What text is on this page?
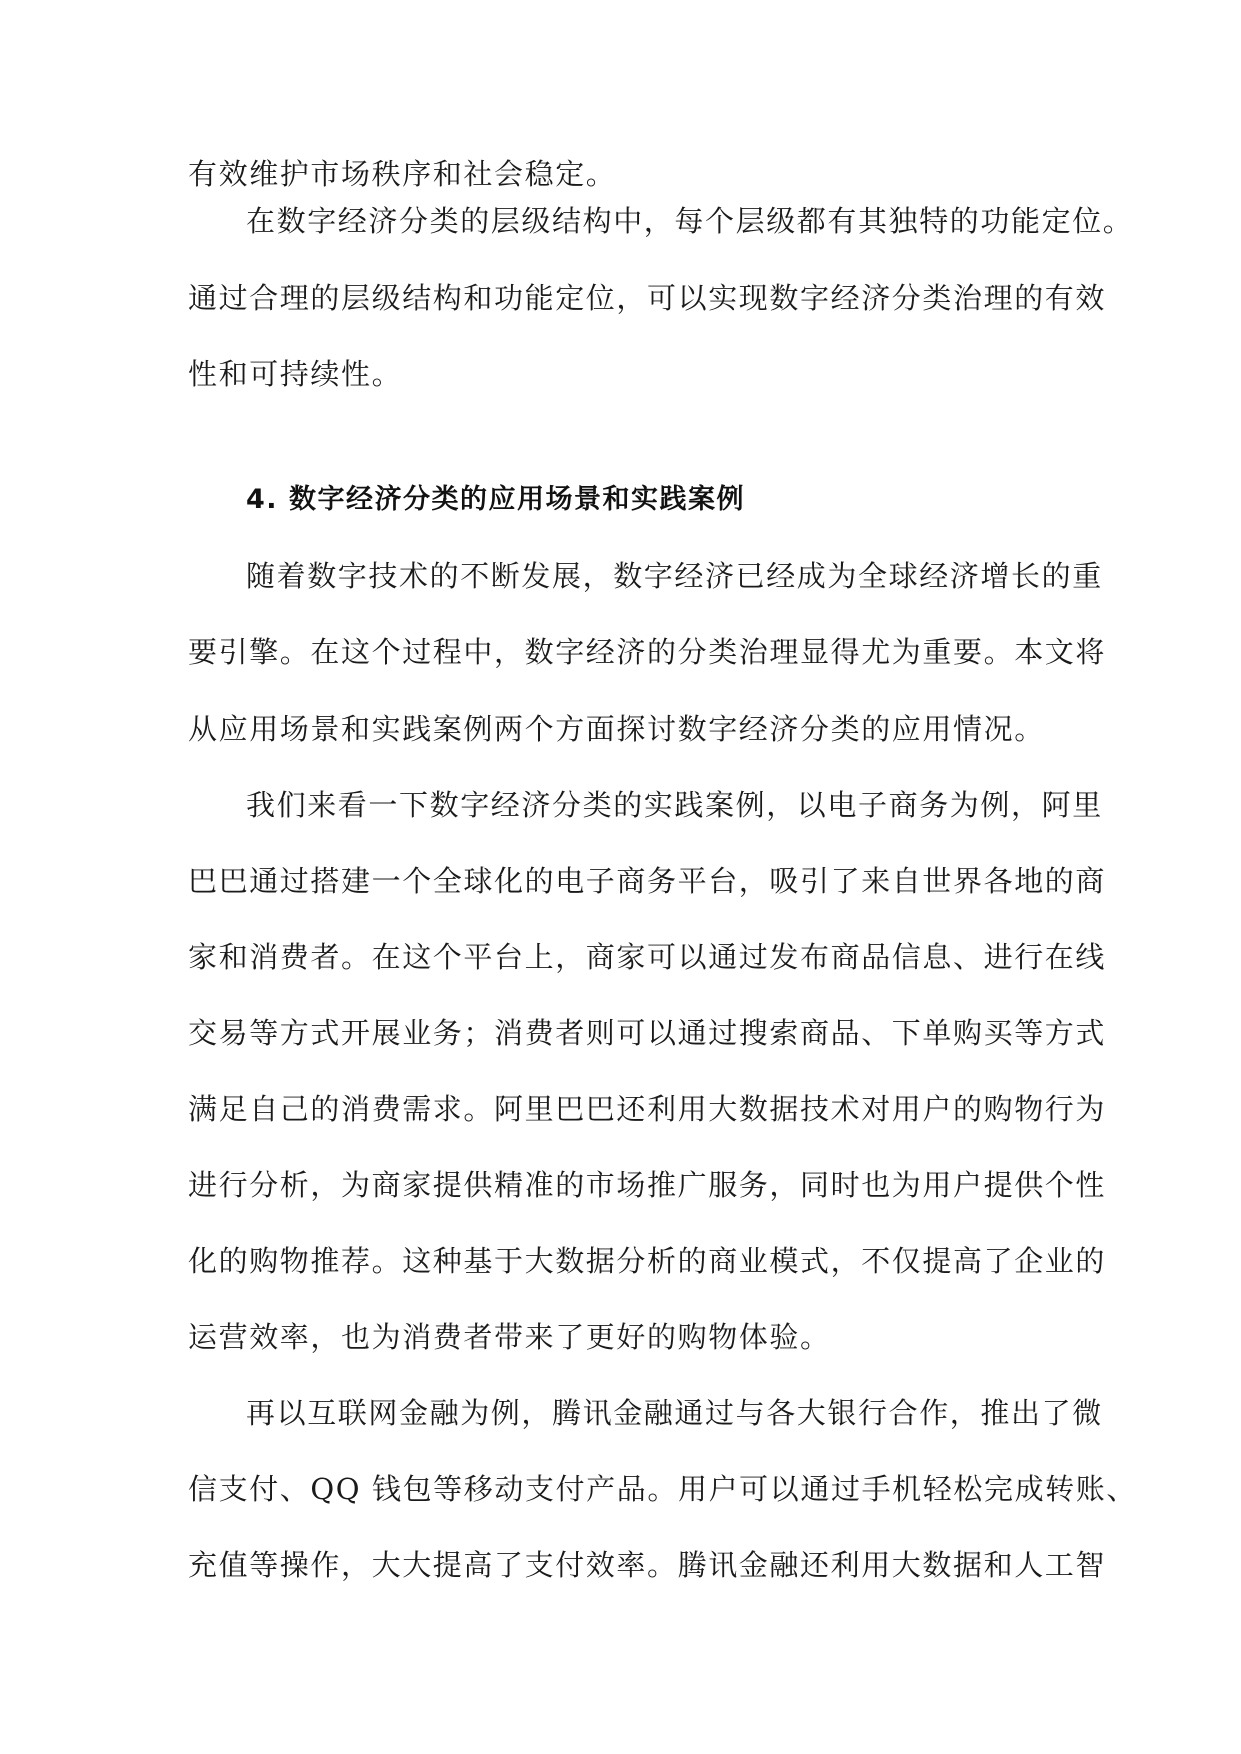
有效维护市场秩序和社会稳定。
在数字经济分类的层级结构中，每个层级都有其独特的功能定位。
通过合理的层级结构和功能定位，可以实现数字经济分类治理的有效
性和可持续性。
4. 数字经济分类的应用场景和实践案例
随着数字技术的不断发展，数字经济已经成为全球经济增长的重
要引擎。在这个过程中，数字经济的分类治理显得尤为重要。本文将
从应用场景和实践案例两个方面探讨数字经济分类的应用情况。
我们来看一下数字经济分类的实践案例，以电子商务为例，阿里
巴巴通过搭建一个全球化的电子商务平台，吸引了来自世界各地的商
家和消费者。在这个平台上，商家可以通过发布商品信息、进行在线
交易等方式开展业务；消费者则可以通过搜索商品、下单购买等方式
满足自己的消费需求。阿里巴巴还利用大数据技术对用户的购物行为
进行分析，为商家提供精准的市场推广服务，同时也为用户提供个性
化的购物推荐。这种基于大数据分析的商业模式，不仅提高了企业的
运营效率，也为消费者带来了更好的购物体验。
再以互联网金融为例，腾讯金融通过与各大银行合作，推出了微
信支付、QQ 钱包等移动支付产品。用户可以通过手机轻松完成转账、
充值等操作，大大提高了支付效率。腾讯金融还利用大数据和人工智
